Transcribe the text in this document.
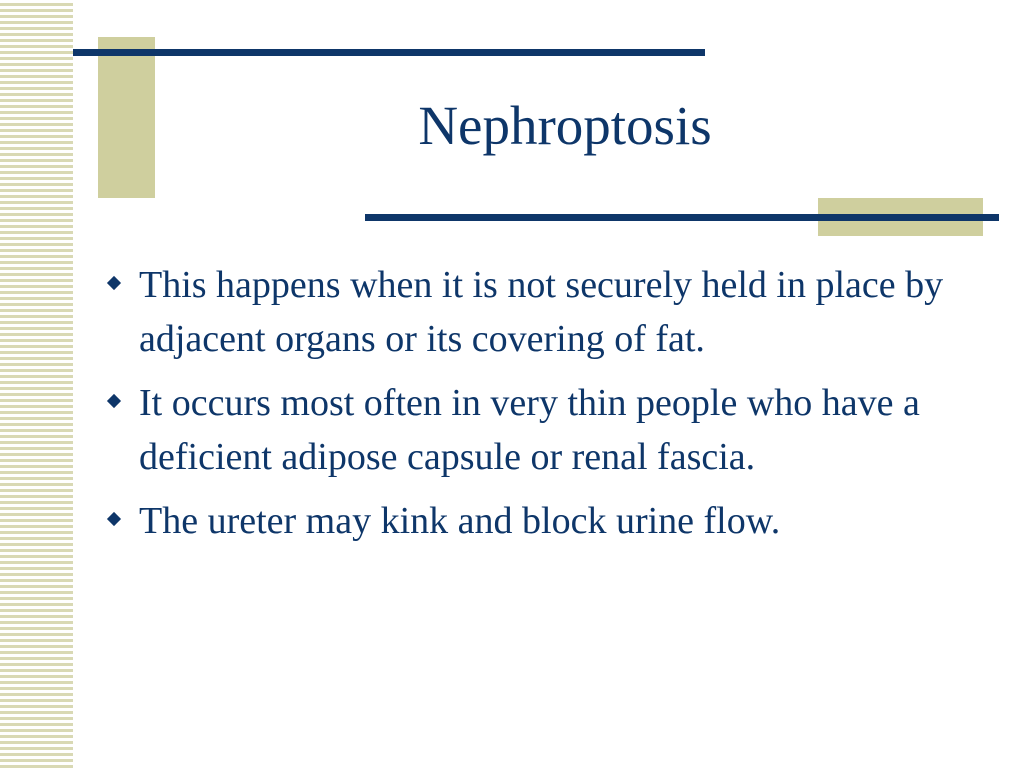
Nephroptosis
This happens when it is not securely held in place by adjacent organs or its covering of fat.
It occurs most often in very thin people who have a deficient adipose capsule or renal fascia.
The ureter may kink and block urine flow.
